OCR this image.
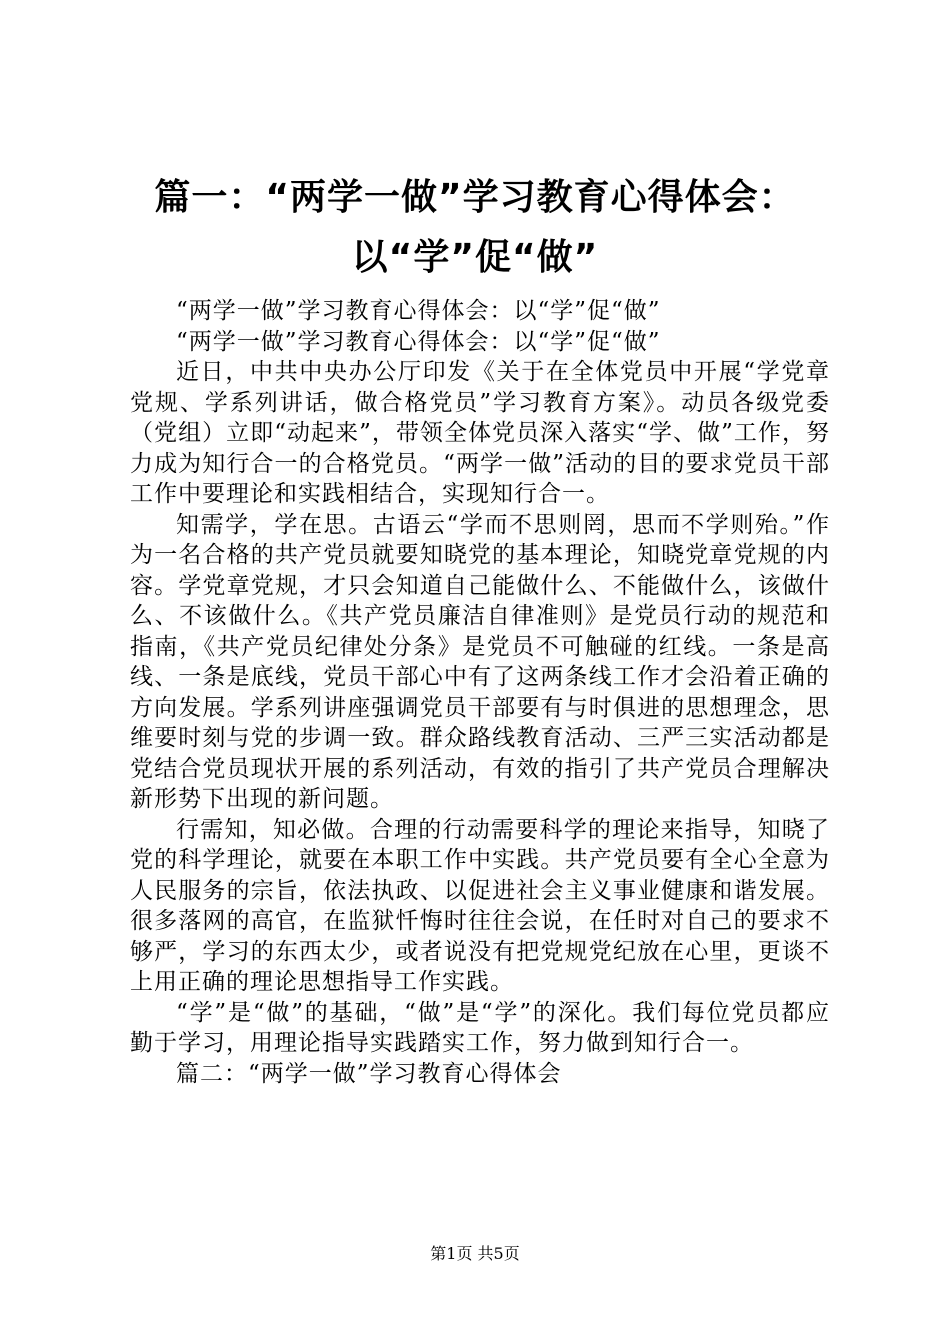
篇一：“两学一做”学习教育心得体会：以“学”促“做”

“两学一做”学习教育心得体会：以“学”促“做”

“两学一做”学习教育心得体会：以“学”促“做”

近日，中共中央办公厅印发《关于在全体党员中开展“学党章党规、学系列讲话，做合格党员”学习教育方案》。动员各级党委（党组）立即“动起来”，带领全体党员深入落实“学、做”工作，努力成为知行合一的合格党员。“两学一做”活动的目的要求党员干部工作中要理论和实践相结合，实现知行合一。

知需学，学在思。古语云“学而不思则罔，思而不学则殆。”作为一名合格的共产党员就要知晓党的基本理论，知晓党章党规的内容。学党章党规，才只会知道自己能做什么、不能做什么，该做什么、不该做什么。《共产党员廉洁自律准则》是党员行动的规范和指南，《共产党员纪律处分条》是党员不可触碰的红线。一条是高线、一条是底线，党员干部心中有了这两条线工作才会沿着正确的方向发展。学系列讲座强调党员干部要有与时俱进的思想理念，思维要时刻与党的步调一致。群众路线教育活动、三严三实活动都是党结合党员现状开展的系列活动，有效的指引了共产党员合理解决新形势下出现的新问题。

行需知，知必做。合理的行动需要科学的理论来指导，知晓了党的科学理论，就要在本职工作中实践。共产党员要有全心全意为人民服务的宗旨，依法执政、以促进社会主义事业健康和谐发展。很多落网的高官，在监狱忏悔时往往会说，在任时对自己的要求不够严，学习的东西太少，或者说没有把党规党纪放在心里，更谈不上用正确的理论思想指导工作实践。

“学”是“做”的基础，“做”是“学”的深化。我们每位党员都应勤于学习，用理论指导实践踏实工作，努力做到知行合一。

篇二：“两学一做”学习教育心得体会

第1页 共5页
